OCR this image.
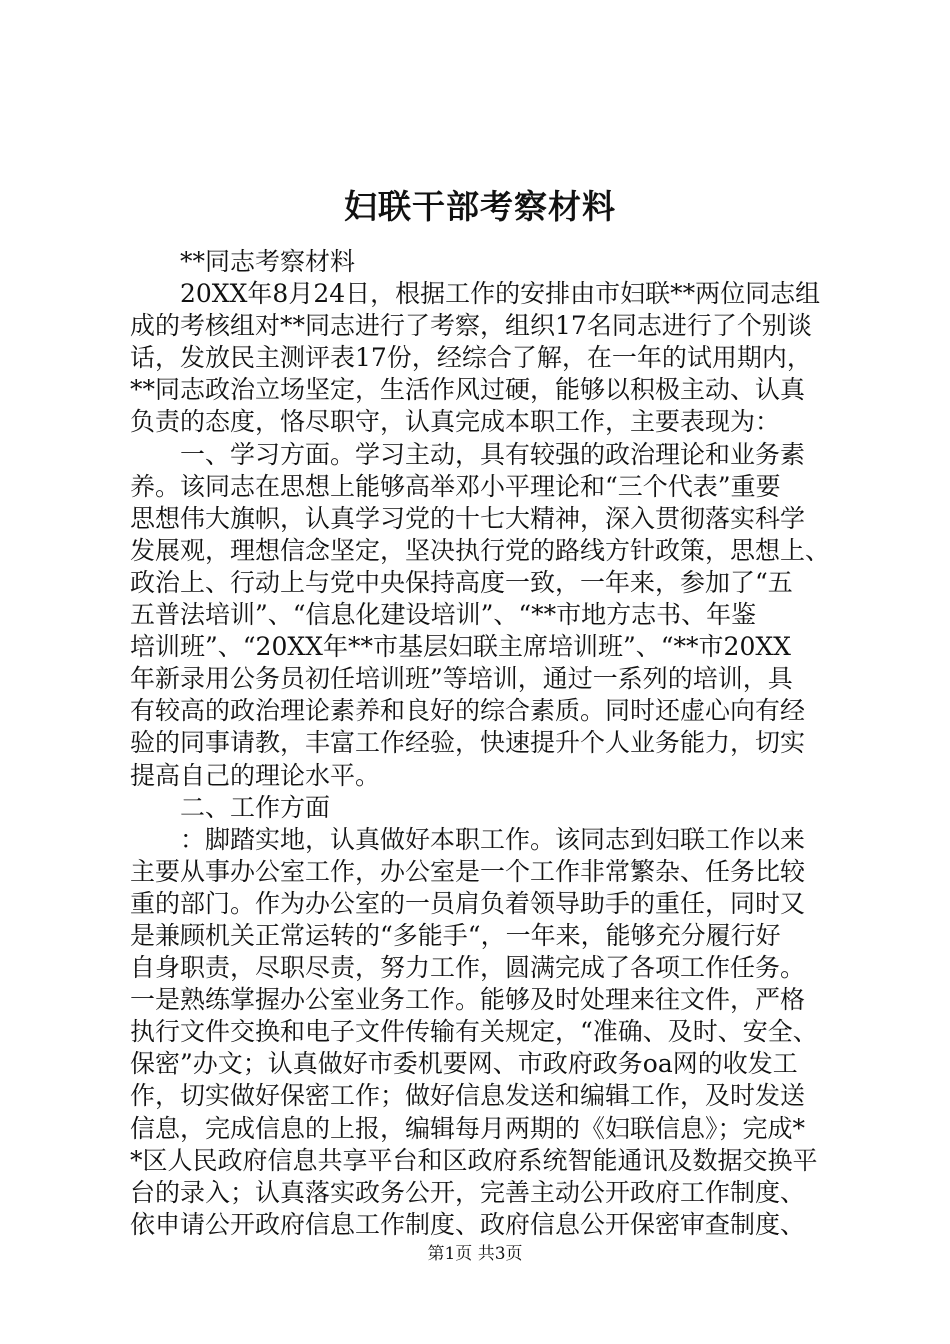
妇联干部考察材料

**同志考察材料

20XX年8月24日，根据工作的安排由市妇联**两位同志组
成的考核组对**同志进行了考察，组织17名同志进行了个别谈
话，发放民主测评表17份，经综合了解，在一年的试用期内，
**同志政治立场坚定，生活作风过硬，能够以积极主动、认真
负责的态度，恪尽职守，认真完成本职工作，主要表现为：
一、学习方面。学习主动，具有较强的政治理论和业务素
养。该同志在思想上能够高举邓小平理论和“三个代表”重要
思想伟大旗帜，认真学习党的十七大精神，深入贯彻落实科学
发展观，理想信念坚定，坚决执行党的路线方针政策，思想上、
政治上、行动上与党中央保持高度一致，一年来，参加了“五
五普法培训”、“信息化建设培训”、“**市地方志书、年鉴
培训班”、“20XX年**市基层妇联主席培训班”、“**市20XX
年新录用公务员初任培训班”等培训，通过一系列的培训，具
有较高的政治理论素养和良好的综合素质。同时还虚心向有经
验的同事请教，丰富工作经验，快速提升个人业务能力，切实
提高自己的理论水平。

二、工作方面

：脚踏实地，认真做好本职工作。该同志到妇联工作以来
主要从事办公室工作，办公室是一个工作非常繁杂、任务比较
重的部门。作为办公室的一员肩负着领导助手的重任，同时又
是兼顾机关正常运转的“多能手“，一年来，能够充分履行好
自身职责，尽职尽责，努力工作，圆满完成了各项工作任务。
一是熟练掌握办公室业务工作。能够及时处理来往文件，严格
执行文件交换和电子文件传输有关规定，“准确、及时、安全、
保密”办文；认真做好市委机要网、市政府政务oa网的收发工
作，切实做好保密工作；做好信息发送和编辑工作，及时发送
信息，完成信息的上报，编辑每月两期的《妇联信息》；完成*
*区人民政府信息共享平台和区政府系统智能通讯及数据交换平
台的录入；认真落实政务公开，完善主动公开政府工作制度、
依申请公开政府信息工作制度、政府信息公开保密审查制度、
第1页 共3页
